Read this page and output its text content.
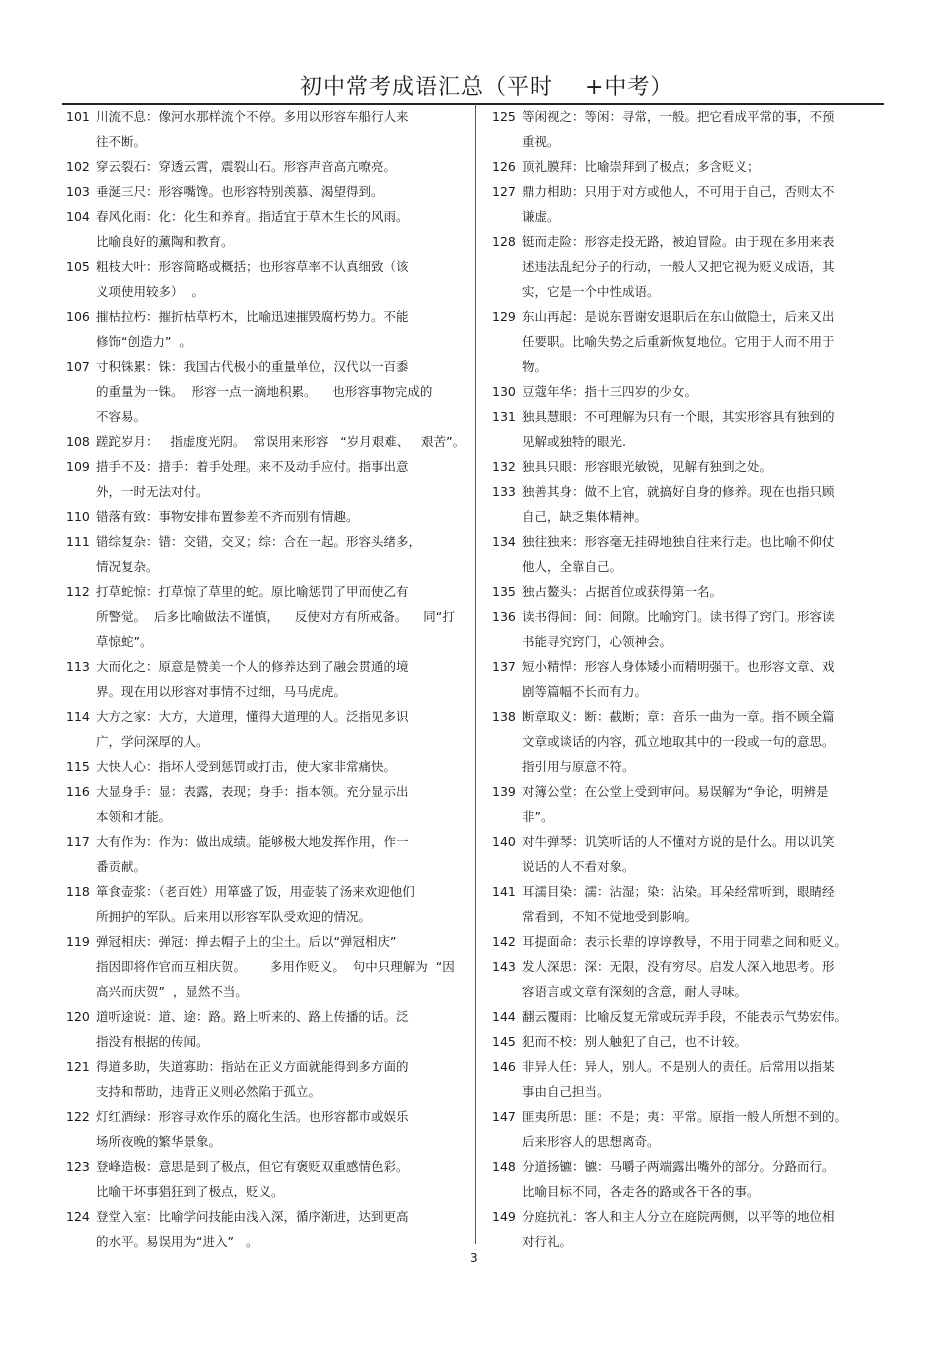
初中常考成语汇总（平时    +中考）
101 川流不息：像河水那样流个不停。多用以形容车船行人来
往不断。
102 穿云裂石：穿透云霄，震裂山石。形容声音高亢嘹亮。
103 垂涎三尺：形容嘴馋。也形容特别羡慕、渴望得到。
104 春风化雨：化：化生和养育。指适宜于草木生长的风雨。
比喻良好的薰陶和教育。
105 粗枝大叶：形容简略或概括；也形容草率不认真细致（该
义项使用较多）  。
106 摧枯拉朽：摧折枯草朽木，比喻迅速摧毁腐朽势力。不能
修饰“创造力”  。
107 寸积铢累：铢：我国古代极小的重量单位，汉代以一百黍
的重量为一铢。  形容一点一滴地积累。    也形容事物完成的
不容易。
108 蹉跎岁月：   指虚度光阴。  常误用来形容   “岁月艰难、   艰苦”。
109 措手不及：措手：着手处理。来不及动手应付。指事出意
外，一时无法对付。
110 错落有致：事物安排布置参差不齐而别有情趣。
111 错综复杂：错：交错，交叉；综：合在一起。形容头绪多，
情况复杂。
112 打草蛇惊：打草惊了草里的蛇。原比喻惩罚了甲而使乙有
所警觉。  后多比喻做法不谨慎，    反使对方有所戒备。    同“打
草惊蛇”。
113 大而化之：原意是赞美一个人的修养达到了融会贯通的境
界。现在用以形容对事情不过细，马马虎虎。
114 大方之家：大方，大道理，懂得大道理的人。泛指见多识
广，学问深厚的人。
115 大快人心：指坏人受到惩罚或打击，使大家非常痛快。
116 大显身手：显：表露，表现；身手：指本领。充分显示出
本领和才能。
117 大有作为：作为：做出成绩。能够极大地发挥作用，作一
番贡献。
118 箪食壶浆：（老百姓）用箪盛了饭，用壶装了汤来欢迎他们
所拥护的军队。后来用以形容军队受欢迎的情况。
119 弹冠相庆：弹冠：掸去帽子上的尘土。后以“弹冠相庆”
指因即将作官而互相庆贺。      多用作贬义。  句中只理解为  “因
高兴而庆贺”  ，显然不当。
120 道听途说：道、途：路。路上听来的、路上传播的话。泛
指没有根据的传闻。
121 得道多助，失道寡助：指站在正义方面就能得到多方面的
支持和帮助，违背正义则必然陷于孤立。
122 灯红酒绿：形容寻欢作乐的腐化生活。也形容都市或娱乐
场所夜晚的繁华景象。
123 登峰造极：意思是到了极点，但它有褒贬双重感情色彩。
比喻干坏事猖狂到了极点，贬义。
124 登堂入室：比喻学问技能由浅入深，循序渐进，达到更高
的水平。易误用为“进入”   。
125 等闲视之：等闲：寻常，一般。把它看成平常的事，不预
重视。
126 顶礼膜拜：比喻崇拜到了极点；多含贬义；
127 鼎力相助：只用于对方或他人，不可用于自己，否则太不
谦虚。
128 铤而走险：形容走投无路，被迫冒险。由于现在多用来表
述违法乱纪分子的行动，一般人又把它视为贬义成语，其
实，它是一个中性成语。
129 东山再起：是说东晋谢安退职后在东山做隐士，后来又出
任要职。比喻失势之后重新恢复地位。它用于人而不用于
物。
130 豆蔻年华：指十三四岁的少女。
131 独具慧眼：不可理解为只有一个眼，其实形容具有独到的
见解或独特的眼光.
132 独具只眼：形容眼光敏锐，见解有独到之处。
133 独善其身：做不上官，就搞好自身的修养。现在也指只顾
自己，缺乏集体精神。
134 独往独来：形容毫无挂碍地独自往来行走。也比喻不仰仗
他人，全靠自己。
135 独占鳌头：占据首位或获得第一名。
136 读书得间：间：间隙。比喻窍门。读书得了窍门。形容读
书能寻究窍门，心领神会。
137 短小精悍：形容人身体矮小而精明强干。也形容文章、戏
剧等篇幅不长而有力。
138 断章取义：断：截断；章：音乐一曲为一章。指不顾全篇
文章或谈话的内容，孤立地取其中的一段或一句的意思。
指引用与原意不符。
139 对簿公堂：在公堂上受到审问。易误解为“争论，明辨是
非”。
140 对牛弹琴：讥笑听话的人不懂对方说的是什么。用以讥笑
说话的人不看对象。
141 耳濡目染：濡：沾湿；染：沾染。耳朵经常听到，眼睛经
常看到，不知不觉地受到影响。
142 耳提面命：表示长辈的谆谆教导，不用于同辈之间和贬义。
143 发人深思：深：无限，没有穷尽。启发人深入地思考。形
容语言或文章有深刻的含意，耐人寻味。
144 翻云覆雨：比喻反复无常或玩弄手段，不能表示气势宏伟。
145 犯而不校：别人触犯了自己，也不计较。
146 非异人任：异人，别人。不是别人的责任。后常用以指某
事由自己担当。
147 匪夷所思：匪：不是；夷：平常。原指一般人所想不到的。
后来形容人的思想离奇。
148 分道扬镳：镳：马嚼子两端露出嘴外的部分。分路而行。
比喻目标不同，各走各的路或各干各的事。
149 分庭抗礼：客人和主人分立在庭院两侧，以平等的地位相
对行礼。
3
